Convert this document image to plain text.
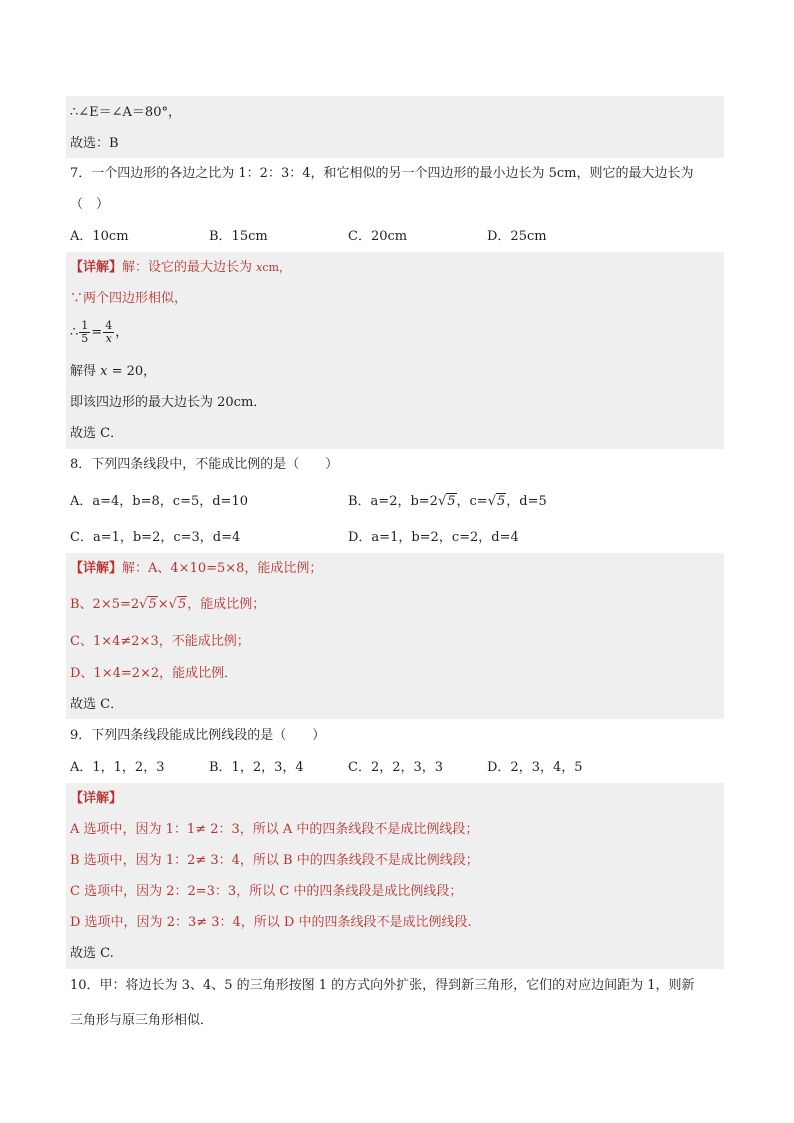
∴∠E＝∠A＝80°，
故选：B
7．一个四边形的各边之比为 1：2：3：4，和它相似的另一个四边形的最小边长为 5cm，则它的最大边长为
（　）
A．10cm	B．15cm	C．20cm	D．25cm
【详解】解：设它的最大边长为 xcm，
∵两个四边形相似，
∴ $\frac{1}{5} = \frac{4}{x}$ ，
解得 x = 20，
即该四边形的最大边长为 20cm．
故选 C．
8．下列四条线段中，不能成比例的是（　　）
A．a=4，b=8，c=5，d=10	B．a=2，b=2√5，c=√5，d=5
C．a=1，b=2，c=3，d=4	D．a=1，b=2，c=2，d=4
【详解】解：A、4×10=5×8，能成比例；
B、2×5=2√5×√5，能成比例；
C、1×4≠2×3，不能成比例；
D、1×4=2×2，能成比例．
故选 C．
9．下列四条线段能成比例线段的是（　　）
A．1，1，2，3	B．1，2，3，4	C．2，2，3，3	D．2，3，4，5
【详解】
A 选项中，因为 1：1≠ 2：3，所以 A 中的四条线段不是成比例线段；
B 选项中，因为 1：2≠ 3：4，所以 B 中的四条线段不是成比例线段；
C 选项中，因为 2：2=3：3，所以 C 中的四条线段是成比例线段；
D 选项中，因为 2：3≠ 3：4，所以 D 中的四条线段不是成比例线段.
故选 C.
10．甲：将边长为 3、4、5 的三角形按图 1 的方式向外扩张，得到新三角形，它们的对应边间距为 1，则新
三角形与原三角形相似．
